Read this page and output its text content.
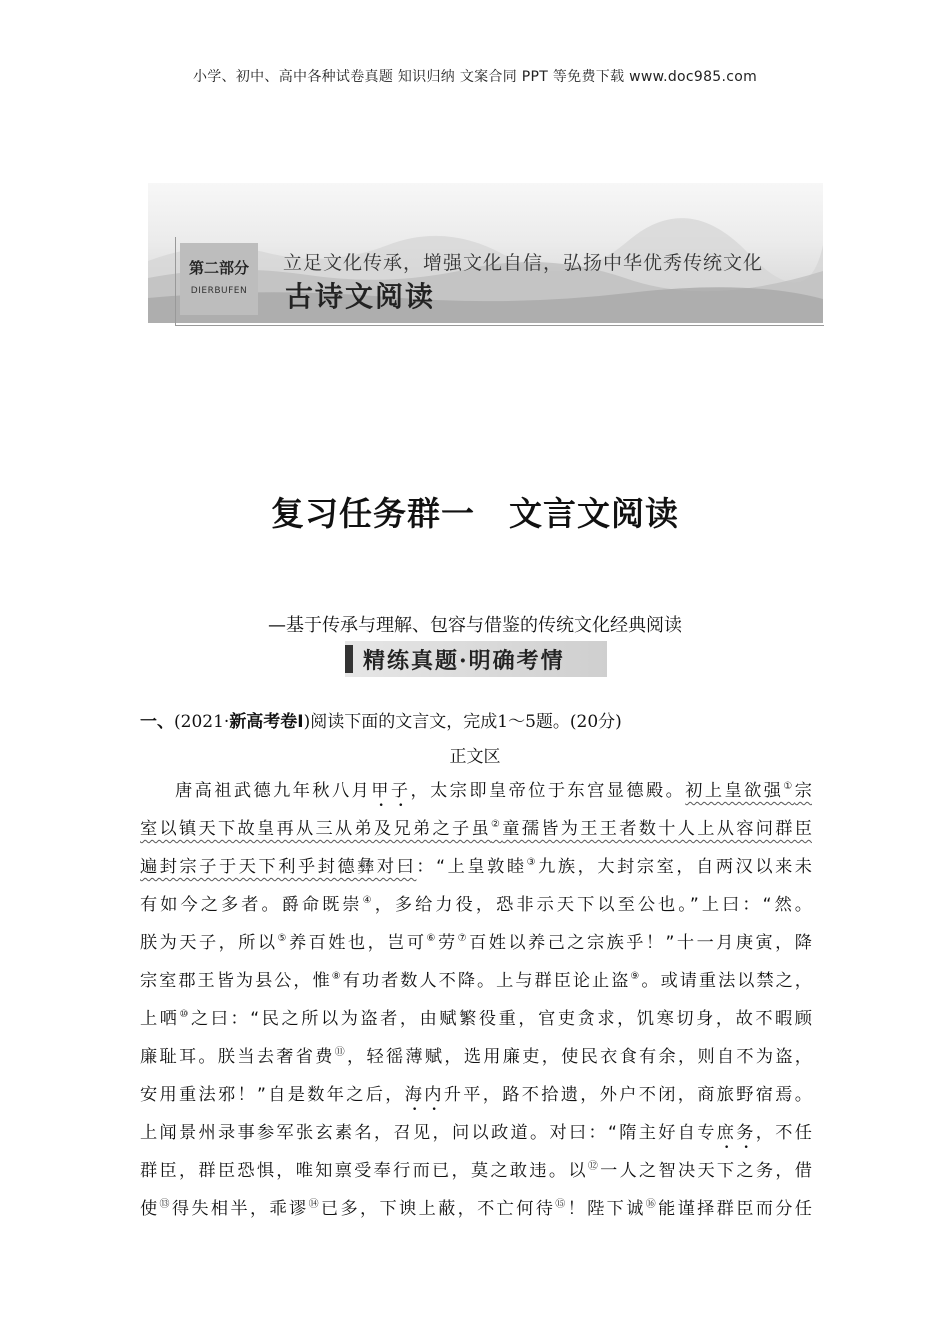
小学、初中、高中各种试卷真题 知识归纳 文案合同 PPT 等免费下载 www.doc985.com
第二部分
DIERBUFEN
立足文化传承，增强文化自信，弘扬中华优秀传统文化
古诗文阅读
复习任务群一　文言文阅读
—基于传承与理解、包容与借鉴的传统文化经典阅读
精练真题·明确考情
一、(2021·新高考卷Ⅰ)阅读下面的文言文，完成1～5题。(20分)
正文区
唐高祖武德九年秋八月甲子，太宗即皇帝位于东宫显德殿。初上皇欲强①宗
室以镇天下故皇再从三从弟及兄弟之子虽②童孺皆为王王者数十人上从容问群臣
遍封宗子于天下利乎封德彝对曰：“上皇敦睦③九族，大封宗室，自两汉以来未
有如今之多者。爵命既崇④，多给力役，恐非示天下以至公也。”上曰：“然。
朕为天子，所以⑤养百姓也，岂可⑥劳⑦百姓以养己之宗族乎！”十一月庚寅，降
宗室郡王皆为县公，惟⑧有功者数人不降。上与群臣论止盗⑨。或请重法以禁之，
上哂⑩之曰：“民之所以为盗者，由赋繁役重，官吏贪求，饥寒切身，故不暇顾
廉耻耳。朕当去奢省费⑪，轻徭薄赋，选用廉吏，使民衣食有余，则自不为盗，
安用重法邪！”自是数年之后，海内升平，路不拾遗，外户不闭，商旅野宿焉。
上闻景州录事参军张玄素名，召见，问以政道。对曰：“隋主好自专庶务，不任
群臣，群臣恐惧，唯知禀受奉行而已，莫之敢违。以⑫一人之智决天下之务，借
使⑬得失相半，乖谬⑭已多，下谀上蔽，不亡何待⑮！陛下诚⑯能谨择群臣而分任
